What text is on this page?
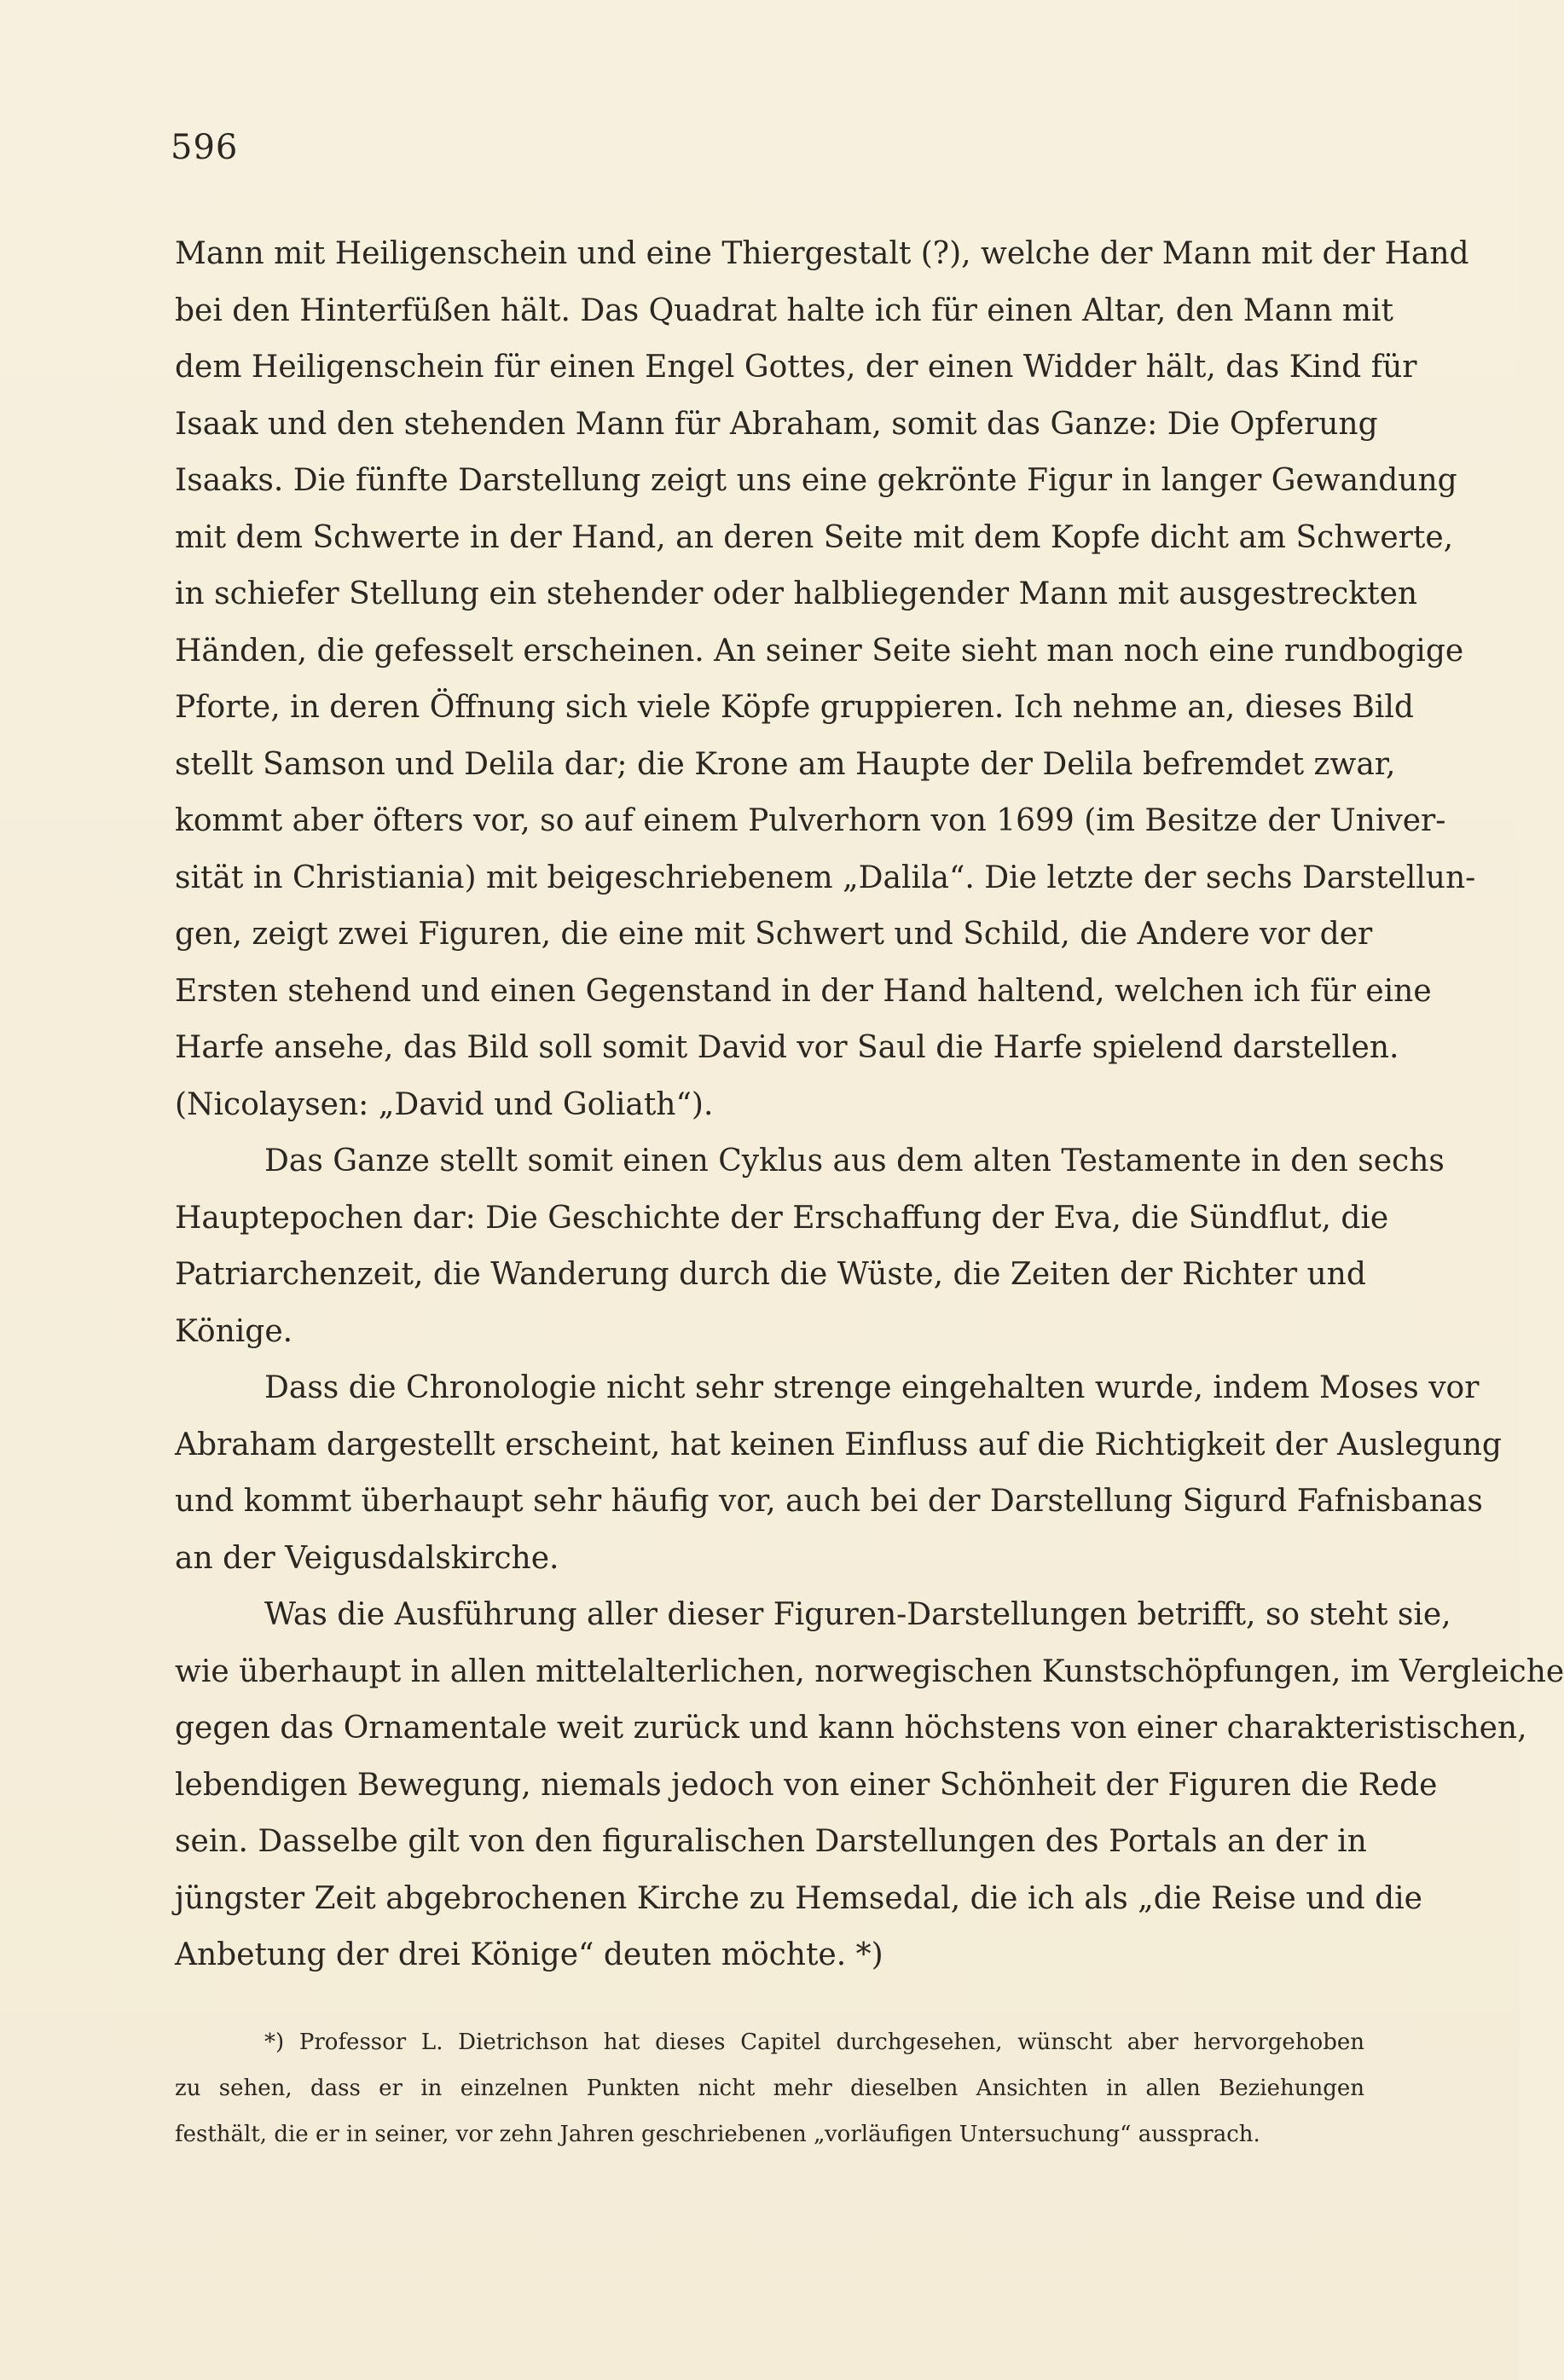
596
Mann mit Heiligenschein und eine Thiergestalt (?), welche der Mann mit der Hand
bei den Hinterfüßen hält. Das Quadrat halte ich für einen Altar, den Mann mit
dem Heiligenschein für einen Engel Gottes, der einen Widder hält, das Kind für
Isaak und den stehenden Mann für Abraham, somit das Ganze: Die Opferung
Isaaks. Die fünfte Darstellung zeigt uns eine gekrönte Figur in langer Gewandung
mit dem Schwerte in der Hand, an deren Seite mit dem Kopfe dicht am Schwerte,
in schiefer Stellung ein stehender oder halbliegender Mann mit ausgestreckten
Händen, die gefesselt erscheinen. An seiner Seite sieht man noch eine rundbogige
Pforte, in deren Öffnung sich viele Köpfe gruppieren. Ich nehme an, dieses Bild
stellt Samson und Delila dar; die Krone am Haupte der Delila befremdet zwar,
kommt aber öfters vor, so auf einem Pulverhorn von 1699 (im Besitze der Univer-
sität in Christiania) mit beigeschriebenem „Dalila“. Die letzte der sechs Darstellun-
gen, zeigt zwei Figuren, die eine mit Schwert und Schild, die Andere vor der
Ersten stehend und einen Gegenstand in der Hand haltend, welchen ich für eine
Harfe ansehe, das Bild soll somit David vor Saul die Harfe spielend darstellen.
(Nicolaysen: „David und Goliath“).
Das Ganze stellt somit einen Cyklus aus dem alten Testamente in den sechs
Hauptepochen dar: Die Geschichte der Erschaffung der Eva, die Sündflut, die
Patriarchenzeit, die Wanderung durch die Wüste, die Zeiten der Richter und
Könige.
Dass die Chronologie nicht sehr strenge eingehalten wurde, indem Moses vor
Abraham dargestellt erscheint, hat keinen Einfluss auf die Richtigkeit der Auslegung
und kommt überhaupt sehr häufig vor, auch bei der Darstellung Sigurd Fafnisbanas
an der Veigusdalskirche.
Was die Ausführung aller dieser Figuren-Darstellungen betrifft, so steht sie,
wie überhaupt in allen mittelalterlichen, norwegischen Kunstschöpfungen, im Vergleiche
gegen das Ornamentale weit zurück und kann höchstens von einer charakteristischen,
lebendigen Bewegung, niemals jedoch von einer Schönheit der Figuren die Rede
sein. Dasselbe gilt von den figuralischen Darstellungen des Portals an der in
jüngster Zeit abgebrochenen Kirche zu Hemsedal, die ich als „die Reise und die
Anbetung der drei Könige“ deuten möchte. *)
*) Professor L. Dietrichson hat dieses Capitel durchgesehen, wünscht aber hervorgehoben
zu sehen, dass er in einzelnen Punkten nicht mehr dieselben Ansichten in allen Beziehungen
festhält, die er in seiner, vor zehn Jahren geschriebenen „vorläufigen Untersuchung“ aussprach.
